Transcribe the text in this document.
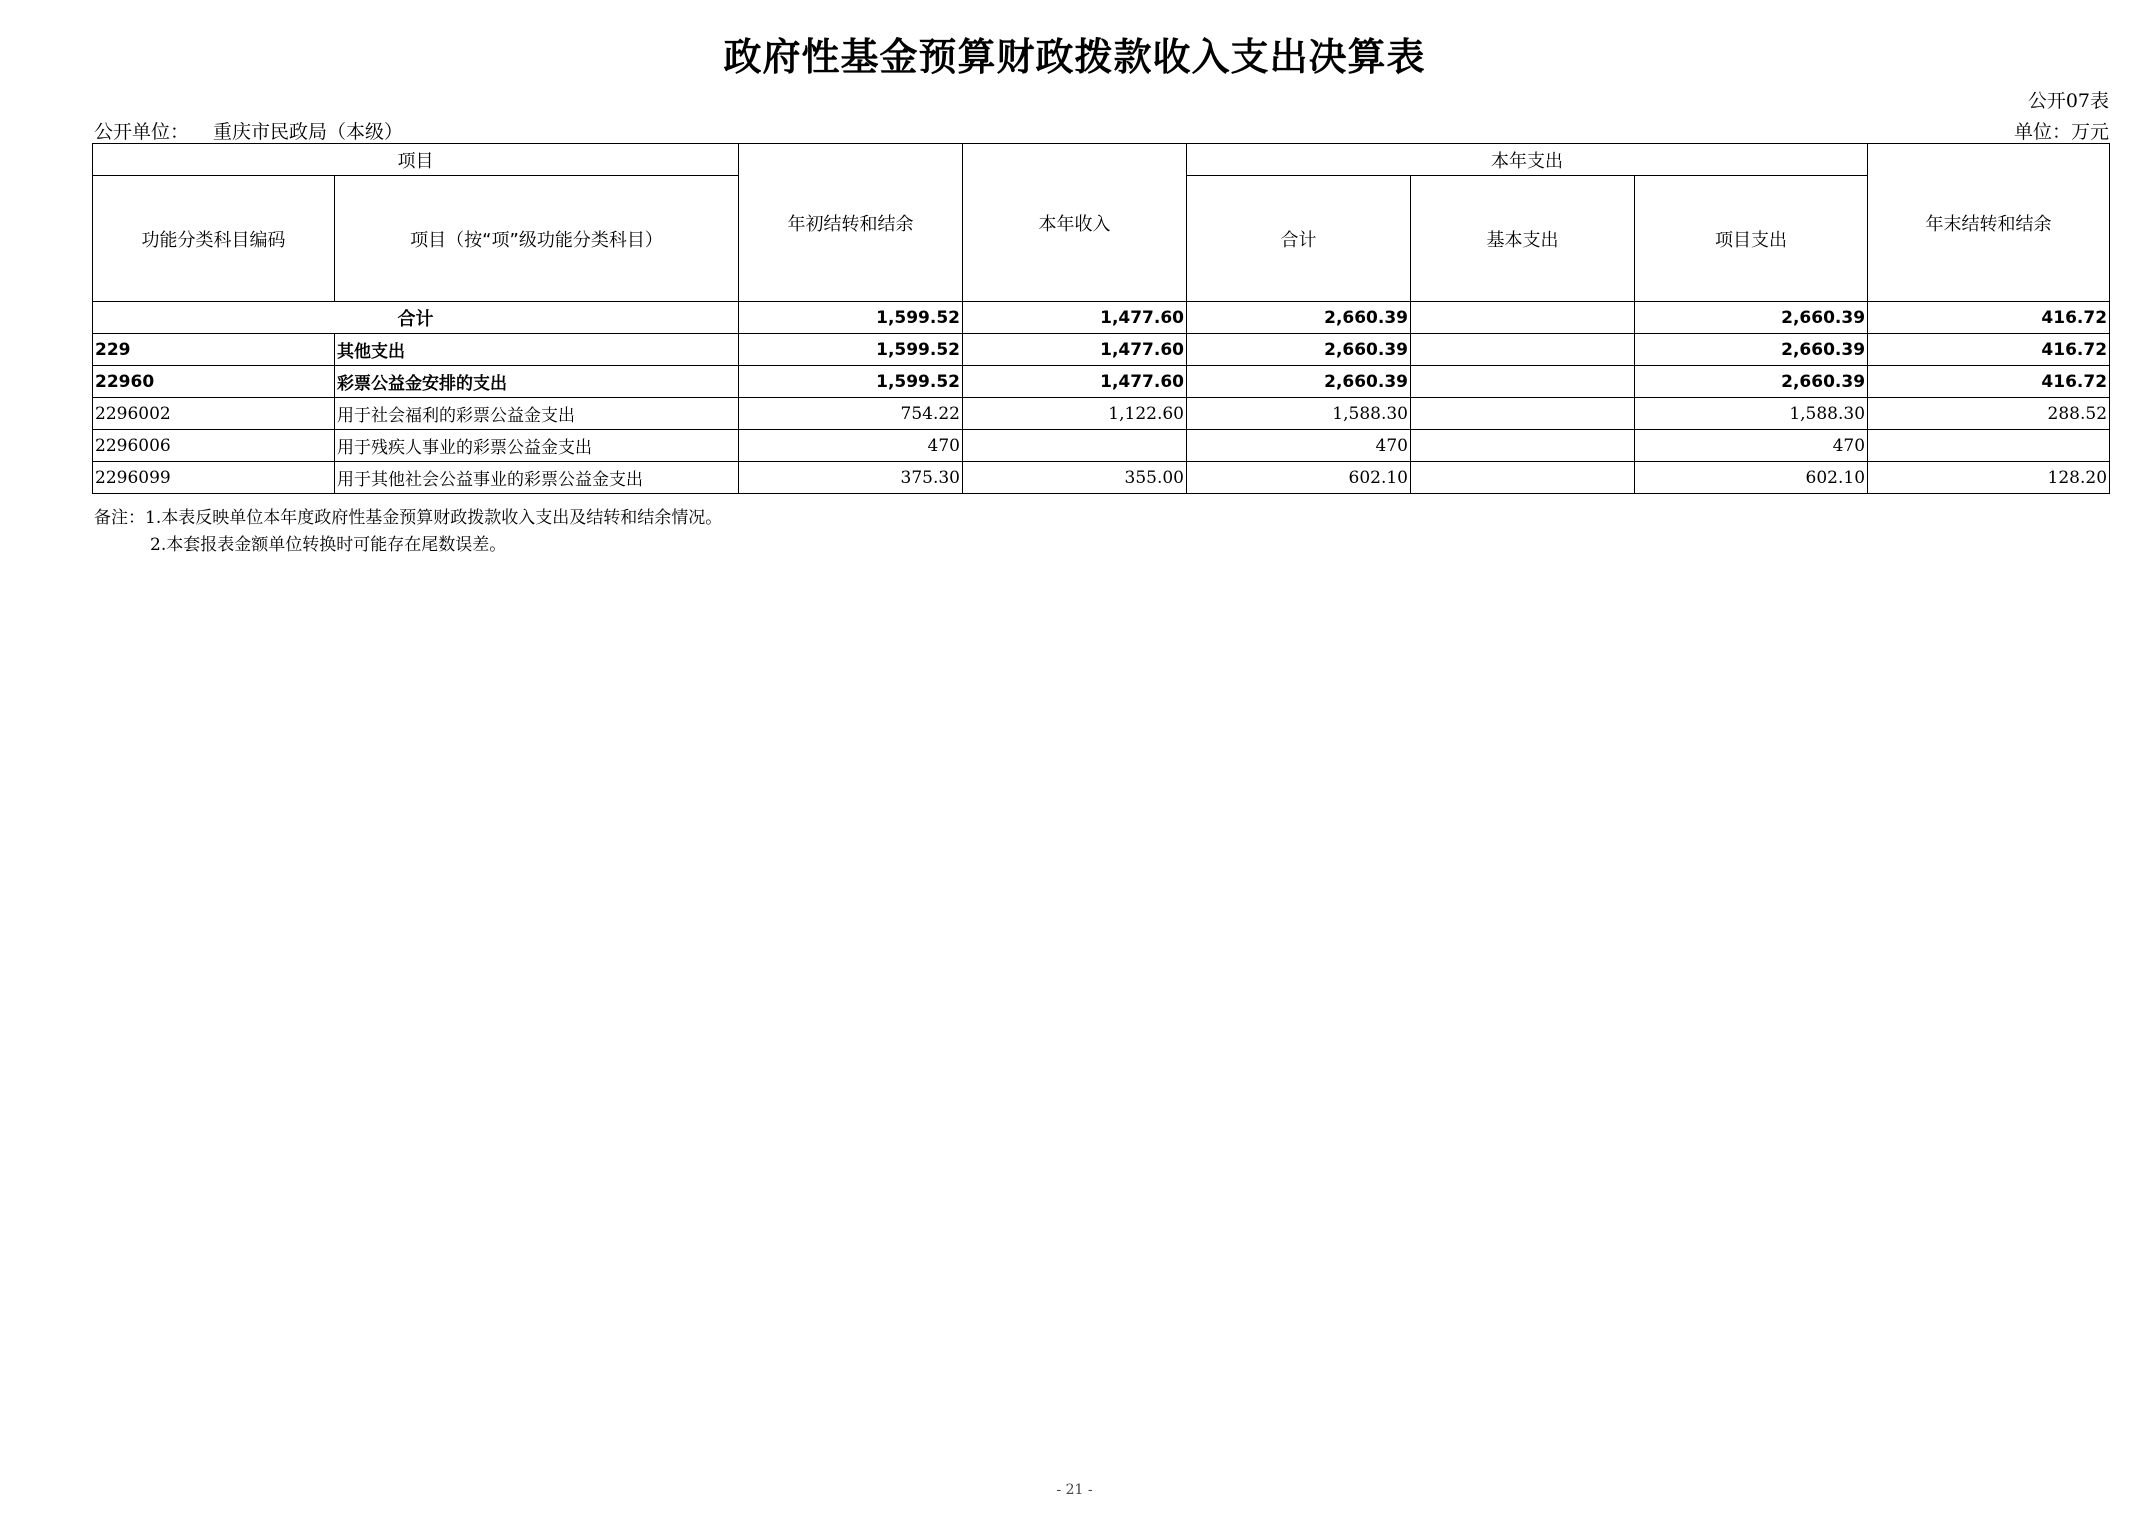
政府性基金预算财政拨款收入支出决算表
公开07表
公开单位： 重庆市民政局（本级）	单位：万元
项目		年初结转和结余	本年收入	本年支出			年末结转和结余
功能分类科目编码	项目（按“项”级功能分类科目）			合计	基本支出	项目支出	
合计		1,599.52	1,477.60	2,660.39		2,660.39	416.72
229	其他支出	1,599.52	1,477.60	2,660.39		2,660.39	416.72
22960	彩票公益金安排的支出	1,599.52	1,477.60	2,660.39		2,660.39	416.72
2296002	用于社会福利的彩票公益金支出	754.22	1,122.60	1,588.30		1,588.30	288.52
2296006	用于残疾人事业的彩票公益金支出	470		470		470	
2296099	用于其他社会公益事业的彩票公益金支出	375.30	355.00	602.10		602.10	128.20
备注：1.本表反映单位本年度政府性基金预算财政拨款收入支出及结转和结余情况。
2.本套报表金额单位转换时可能存在尾数误差。
- 21 -
